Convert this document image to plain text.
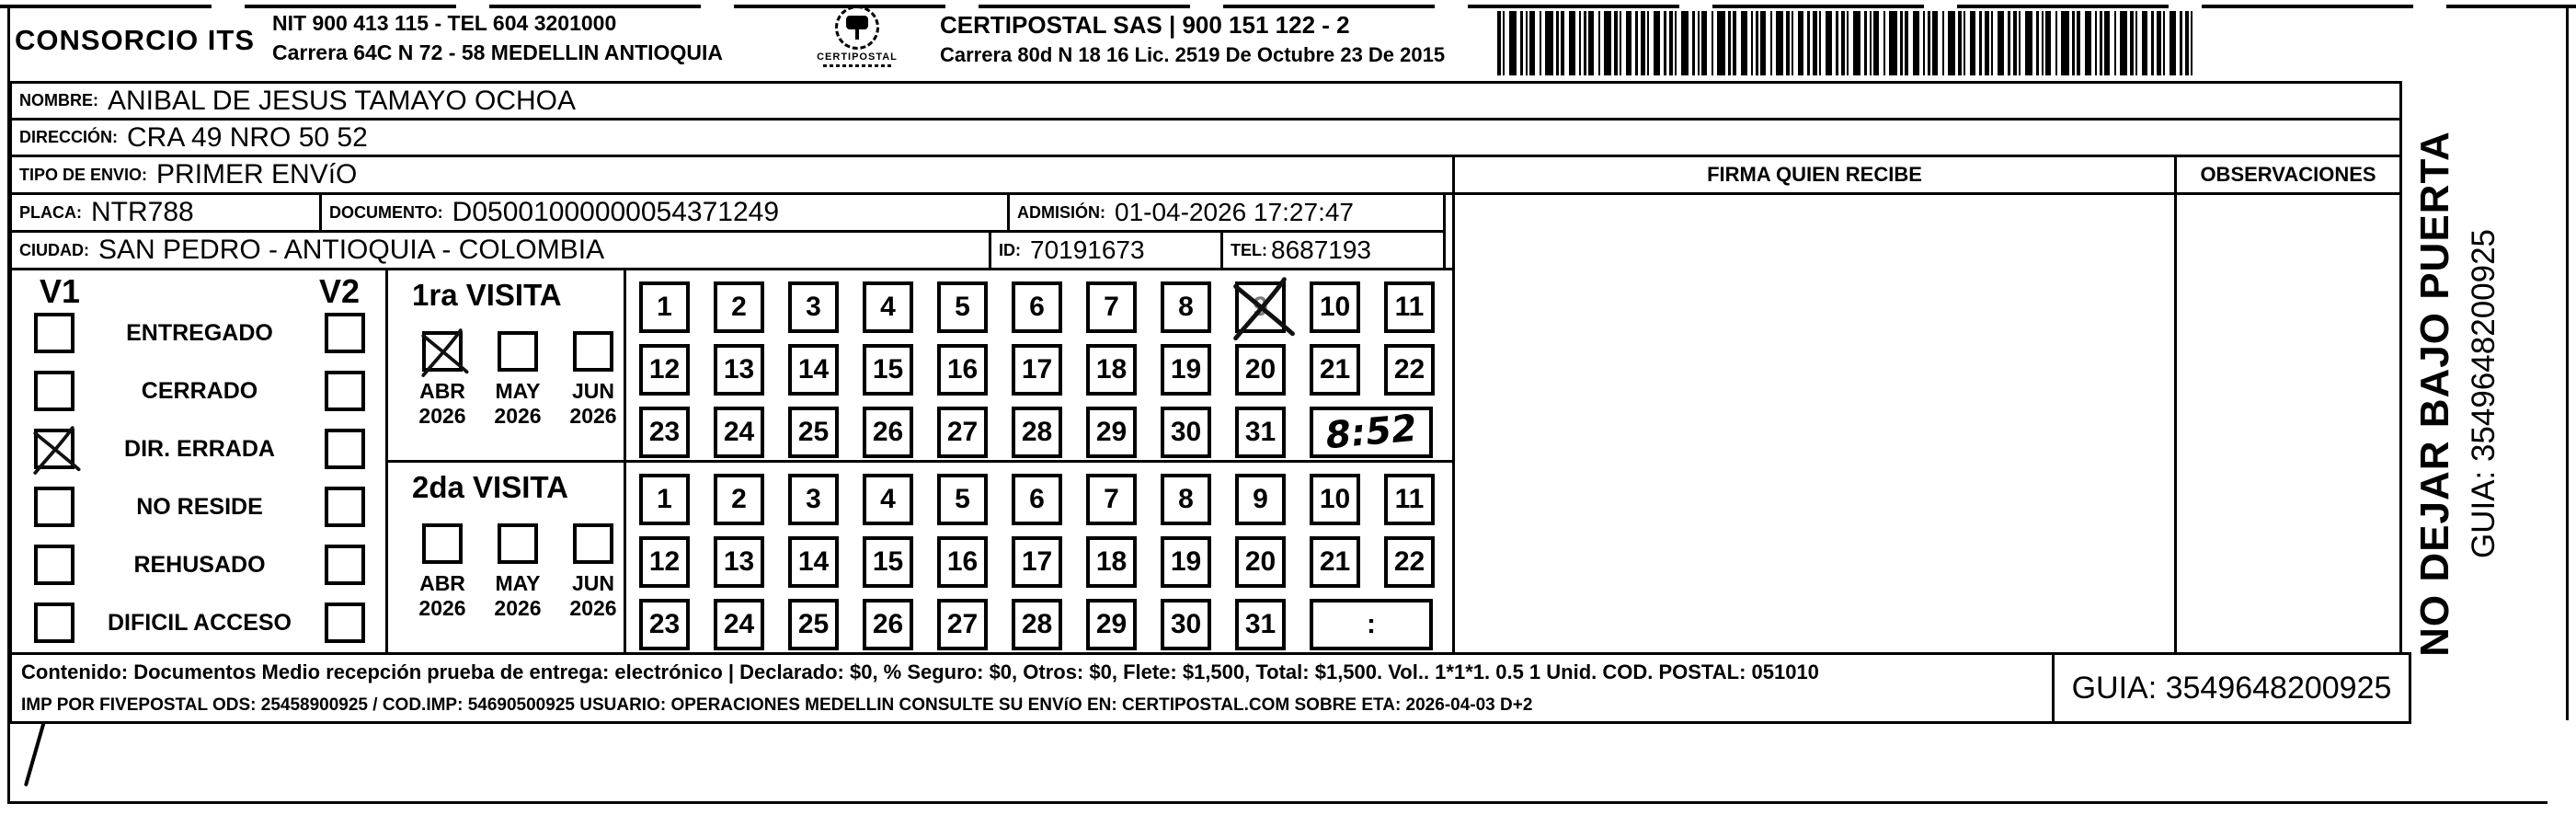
CONSORCIO ITS
NIT 900 413 115 - TEL 604 3201000
Carrera 64C N 72 - 58 MEDELLIN ANTIOQUIA	CERTIPOSTAL
CERTIPOSTAL SAS | 900 151 122 - 2
Carrera 80d N 18 16 Lic. 2519 De Octubre 23 De 2015
NOMBRE: ANIBAL DE JESUS TAMAYO OCHOA
DIRECCIÓN: CRA 49 NRO 50 52
TIPO DE ENVIO: PRIMER ENVíO	FIRMA QUIEN RECIBE	OBSERVACIONES
PLACA: NTR788	DOCUMENTO: D05001000000054371249	ADMISIÓN: 01-04-2026 17:27:47
CIUDAD: SAN PEDRO - ANTIOQUIA - COLOMBIA	ID: 70191673	TEL: 8687193
V1	V2
ENTREGADO
CERRADO
DIR. ERRADA
NO RESIDE
REHUSADO
DIFICIL ACCESO
1ra VISITA
ABR
2026
MAY
2026
JUN
2026
2da VISITA
ABR
2026
MAY
2026
JUN
2026
1 2 3 4 5 6 7 8 9 10 11
12 13 14 15 16 17 18 19 20 21 22
23 24 25 26 27 28 29 30 31 8:52
1 2 3 4 5 6 7 8 9 10 11
12 13 14 15 16 17 18 19 20 21 22
23 24 25 26 27 28 29 30 31	:
Contenido: Documentos Medio recepción prueba de entrega: electrónico | Declarado: $0, % Seguro: $0, Otros: $0, Flete: $1,500, Total: $1,500. Vol.. 1*1*1. 0.5 1 Unid. COD. POSTAL: 051010
IMP POR FIVEPOSTAL ODS: 25458900925 / COD.IMP: 54690500925 USUARIO: OPERACIONES MEDELLIN CONSULTE SU ENVíO EN: CERTIPOSTAL.COM SOBRE ETA: 2026-04-03 D+2	GUIA: 3549648200925
NO DEJAR BAJO PUERTA GUIA: 3549648200925
